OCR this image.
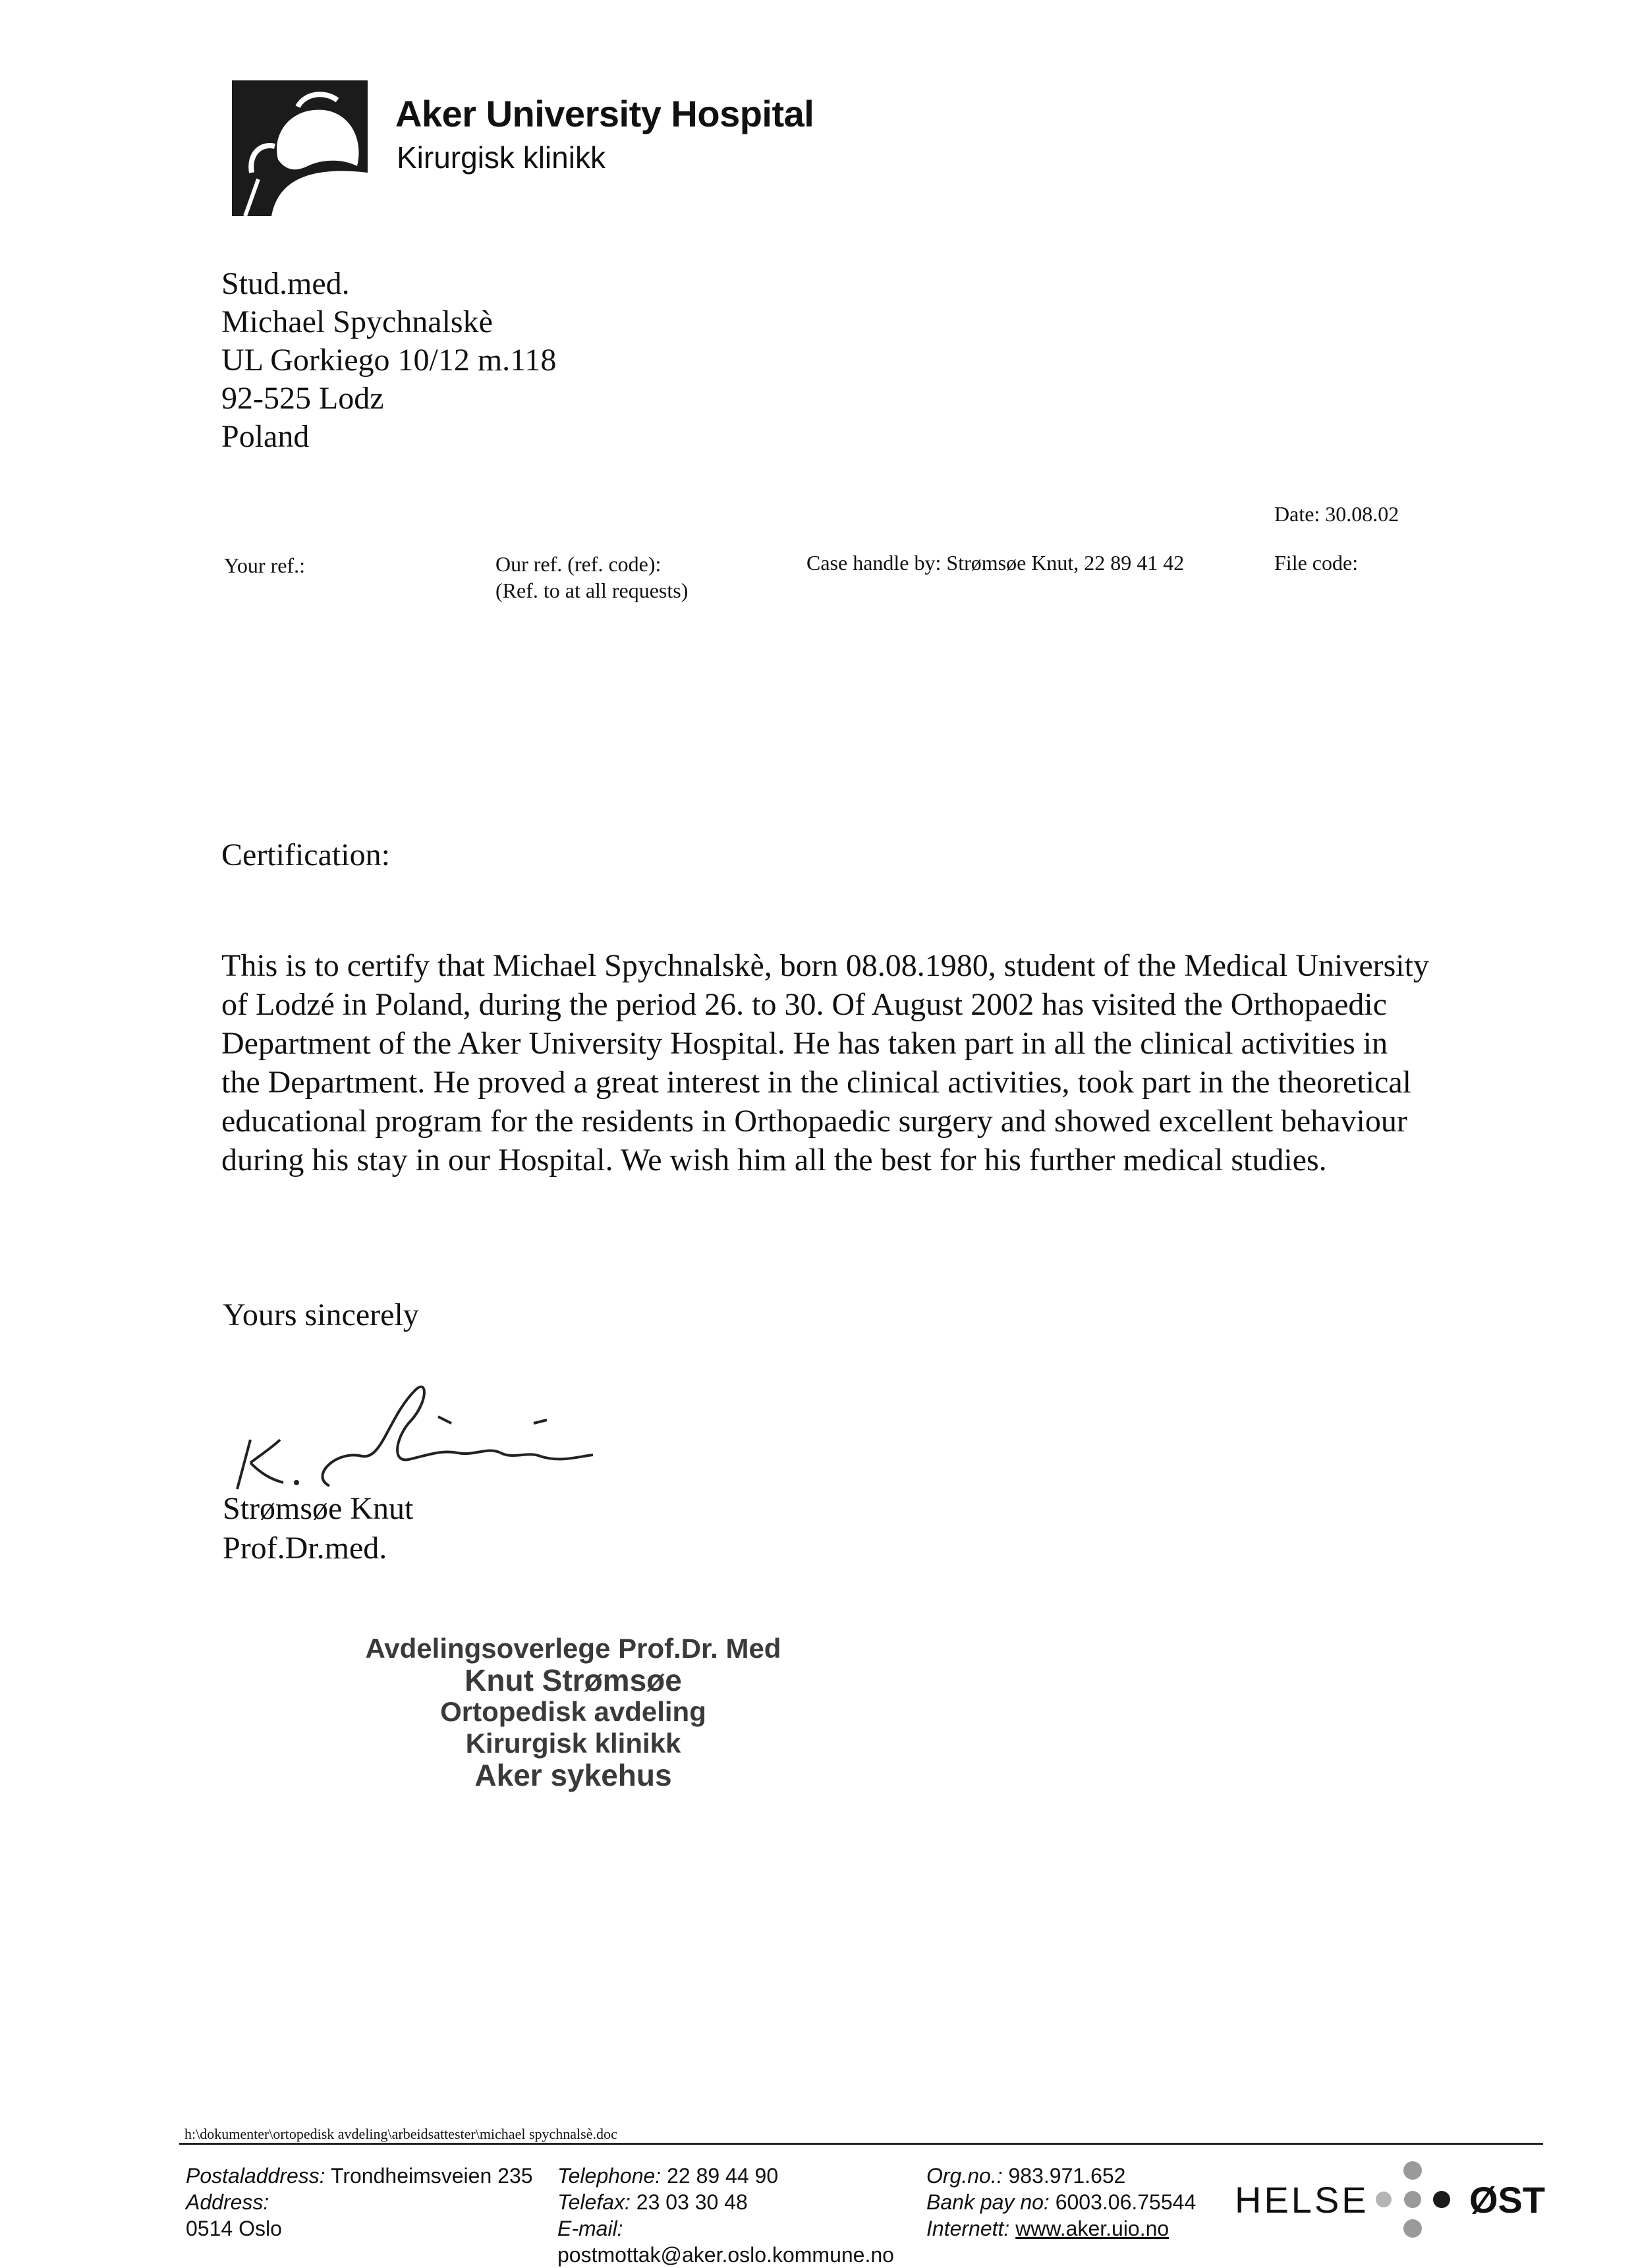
Aker University Hospital
Kirurgisk klinikk
Stud.med.
Michael Spychnalskè
UL Gorkiego 10/12 m.118
92-525 Lodz
Poland
Date: 30.08.02
Your ref.:	Our ref. (ref. code):
(Ref. to at all requests)
Case handle by: Strømsøe Knut, 22 89 41 42	File code:
Certification:
This is to certify that Michael Spychnalskè, born 08.08.1980, student of the Medical University
of Lodzé in Poland, during the period 26. to 30. Of August 2002 has visited the Orthopaedic
Department of the Aker University Hospital. He has taken part in all the clinical activities in
the Department. He proved a great interest in the clinical activities, took part in the theoretical
educational program for the residents in Orthopaedic surgery and showed excellent behaviour
during his stay in our Hospital. We wish him all the best for his further medical studies.
Yours sincerely
Strømsøe Knut
Prof.Dr.med.
Avdelingsoverlege Prof.Dr. Med
Knut Strømsøe
Ortopedisk avdeling
Kirurgisk klinikk
Aker sykehus
h:\dokumenter\ortopedisk avdeling\arbeidsattester\michael spychnalsè.doc
Postaladdress: Trondheimsveien 235
Address:
0514 Oslo
Telephone: 22 89 44 90
Telefax: 23 03 30 48
E-mail:
postmottak@aker.oslo.kommune.no
Org.no.: 983.971.652
Bank pay no: 6003.06.75544
Internett: www.aker.uio.no
HELSE	ØST
